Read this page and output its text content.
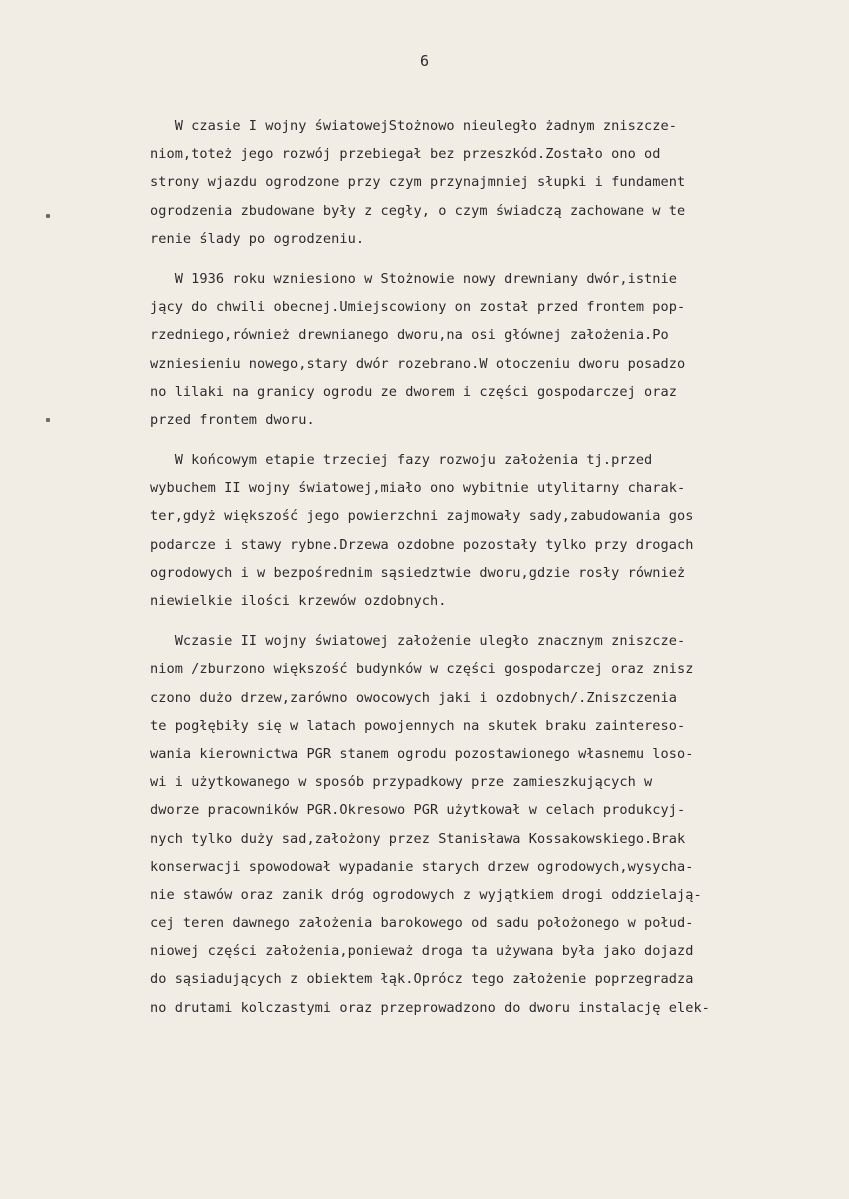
6
W czasie I wojny światowejStożnowo nieuległo żadnym zniszcze-
niom,toteż jego rozwój przebiegał bez przeszkód.Zostało ono od
strony wjazdu ogrodzone przy czym przynajmniej słupki i fundament
ogrodzenia zbudowane były z cegły, o czym świadczą zachowane w te
renie ślady po ogrodzeniu.
W 1936 roku wzniesiono w Stożnowie nowy drewniany dwór,istnie
jący do chwili obecnej.Umiejscowiony on został przed frontem pop-
rzedniego,również drewnianego dworu,na osi głównej założenia.Po
wzniesieniu nowego,stary dwór rozebrano.W otoczeniu dworu posadzo
no lilaki na granicy ogrodu ze dworem i części gospodarczej oraz
przed frontem dworu.
W końcowym etapie trzeciej fazy rozwoju założenia tj.przed
wybuchem II wojny światowej,miało ono wybitnie utylitarny charak-
ter,gdyż większość jego powierzchni zajmowały sady,zabudowania gos
podarcze i stawy rybne.Drzewa ozdobne pozostały tylko przy drogach
ogrodowych i w bezpośrednim sąsiedztwie dworu,gdzie rosły również
niewielkie ilości krzewów ozdobnych.
Wczasie II wojny światowej założenie uległo znacznym zniszcze-
niom /zburzono większość budynków w części gospodarczej oraz znisz
czono dużo drzew,zarówno owocowych jaki i ozdobnych/.Zniszczenia
te pogłębiły się w latach powojennych na skutek braku zaintereso-
wania kierownictwa PGR stanem ogrodu pozostawionego własnemu loso-
wi i użytkowanego w sposób przypadkowy prze zamieszkujących w
dworze pracowników PGR.Okresowo PGR użytkował w celach produkcyj-
nych tylko duży sad,założony przez Stanisława Kossakowskiego.Brak
konserwacji spowodował wypadanie starych drzew ogrodowych,wysycha-
nie stawów oraz zanik dróg ogrodowych z wyjątkiem drogi oddzielają-
cej teren dawnego założenia barokowego od sadu położonego w połud-
niowej części założenia,ponieważ droga ta używana była jako dojazd
do sąsiadujących z obiektem łąk.Oprócz tego założenie poprzegradza
no drutami kolczastymi oraz przeprowadzono do dworu instalację elek-
